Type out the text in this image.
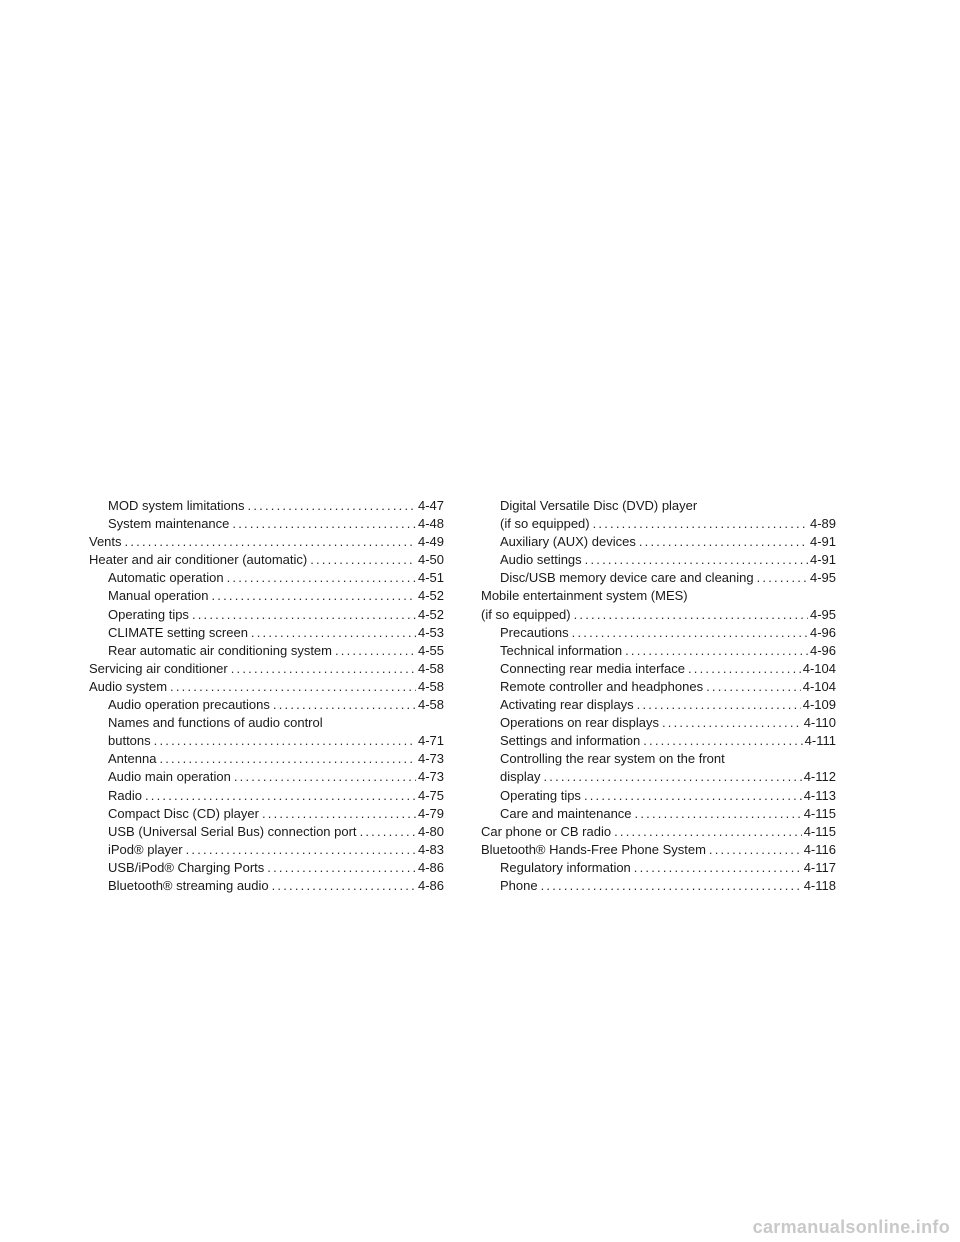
MOD system limitations .....	4-47
System maintenance .....	4-48
Vents .....	4-49
Heater and air conditioner (automatic) .....	4-50
Automatic operation .....	4-51
Manual operation .....	4-52
Operating tips .....	4-52
CLIMATE setting screen .....	4-53
Rear automatic air conditioning system .....	4-55
Servicing air conditioner .....	4-58
Audio system .....	4-58
Audio operation precautions .....	4-58
Names and functions of audio control
buttons .....	4-71
Antenna .....	4-73
Audio main operation .....	4-73
Radio .....	4-75
Compact Disc (CD) player .....	4-79
USB (Universal Serial Bus) connection port .....	4-80
iPod® player .....	4-83
USB/iPod® Charging Ports .....	4-86
Bluetooth® streaming audio .....	4-86
Digital Versatile Disc (DVD) player
(if so equipped) .....	4-89
Auxiliary (AUX) devices .....	4-91
Audio settings .....	4-91
Disc/USB memory device care and cleaning .....	4-95
Mobile entertainment system (MES)
(if so equipped) .....	4-95
Precautions .....	4-96
Technical information .....	4-96
Connecting rear media interface .....	4-104
Remote controller and headphones .....	4-104
Activating rear displays .....	4-109
Operations on rear displays .....	4-110
Settings and information .....	4-111
Controlling the rear system on the front
display .....	4-112
Operating tips .....	4-113
Care and maintenance .....	4-115
Car phone or CB radio .....	4-115
Bluetooth® Hands-Free Phone System .....	4-116
Regulatory information .....	4-117
Phone .....	4-118
carmanualsonline.info
